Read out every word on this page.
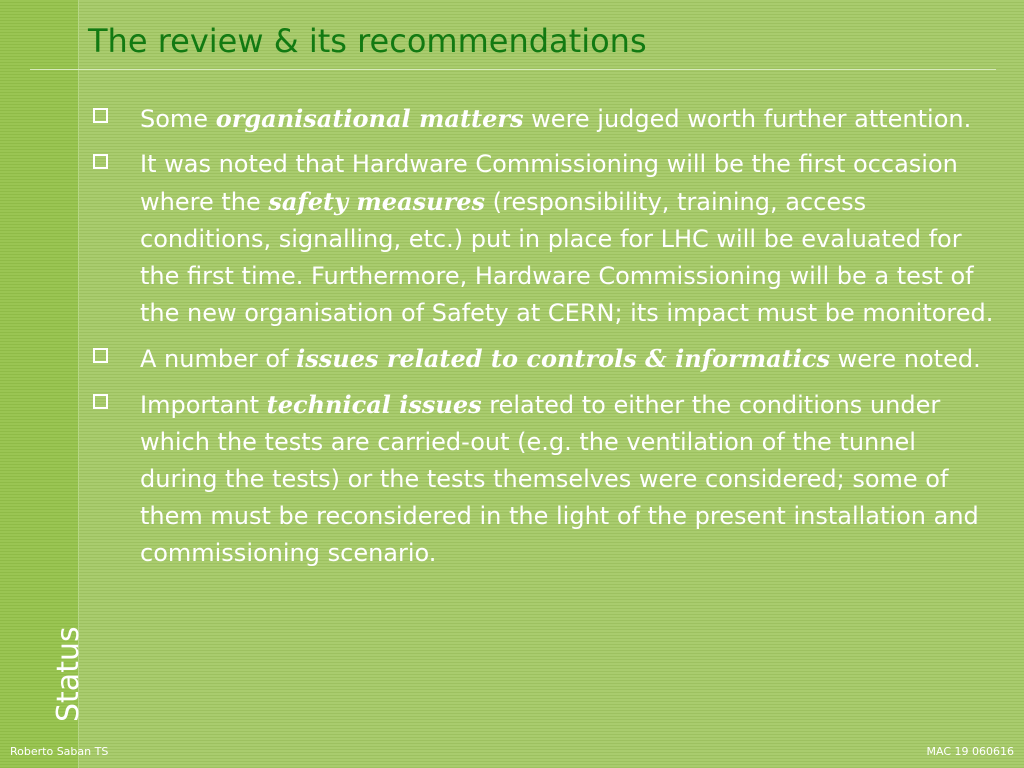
Status
The review & its recommendations
Some organisational matters were judged worth further attention.
It was noted that Hardware Commissioning will be the first occasion where the safety measures (responsibility, training, access conditions, signalling, etc.) put in place for LHC will be evaluated for the first time. Furthermore, Hardware Commissioning will be a test of the new organisation of Safety at CERN; its impact must be monitored.
A number of issues related to controls & informatics were noted.
Important technical issues related to either the conditions under which the tests are carried-out (e.g. the ventilation of the tunnel during the tests) or the tests themselves were considered; some of them must be reconsidered in the light of the present installation and commissioning scenario.
Roberto Saban TS	MAC 19 060616
